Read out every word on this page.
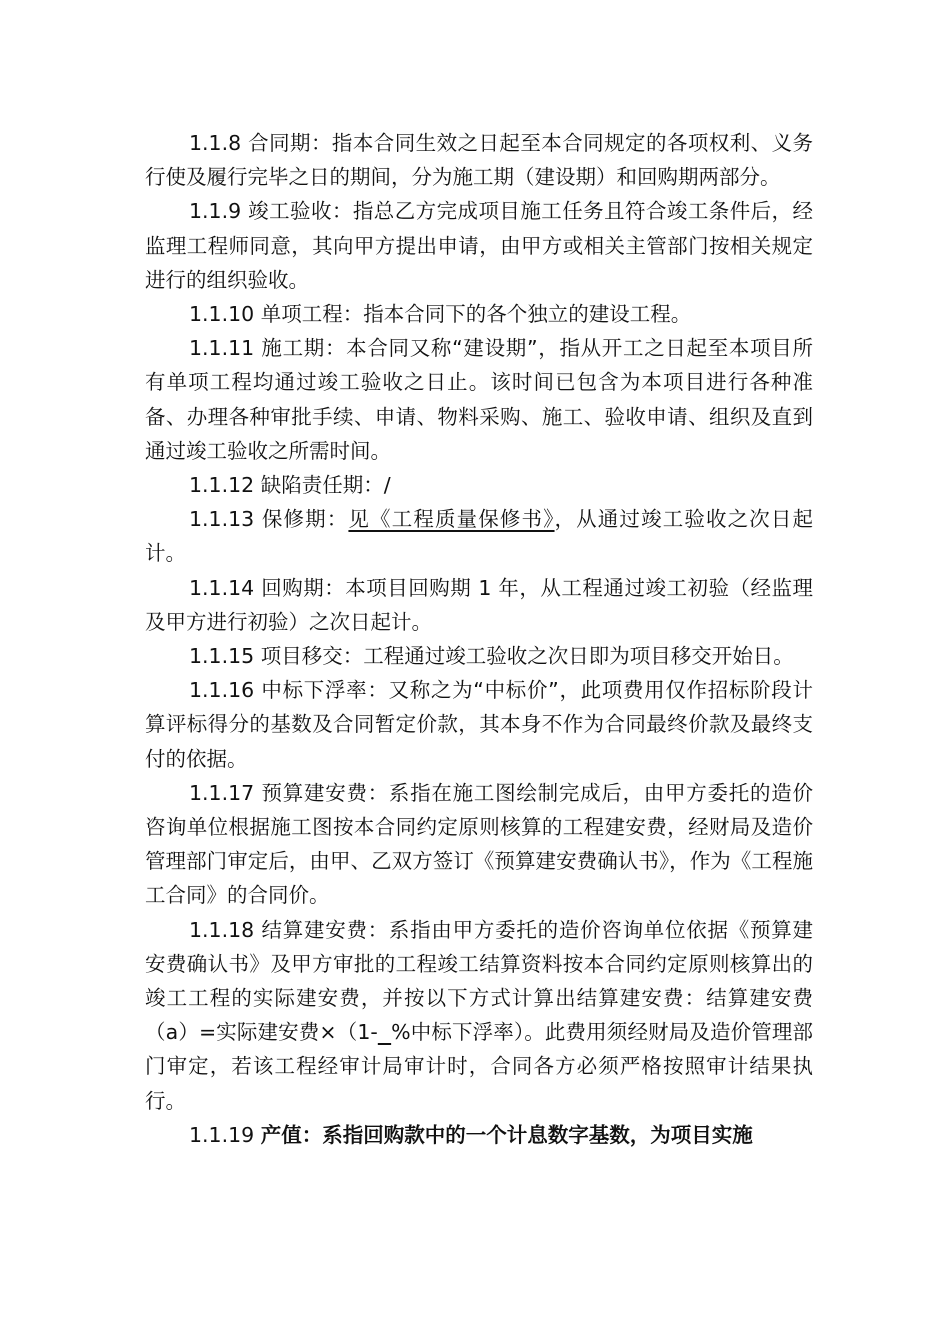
1.1.8 合同期：指本合同生效之日起至本合同规定的各项权利、义务行使及履行完毕之日的期间，分为施工期（建设期）和回购期两部分。

1.1.9 竣工验收：指总乙方完成项目施工任务且符合竣工条件后，经监理工程师同意，其向甲方提出申请，由甲方或相关主管部门按相关规定进行的组织验收。

1.1.10 单项工程：指本合同下的各个独立的建设工程。

1.1.11 施工期：本合同又称“建设期”，指从开工之日起至本项目所有单项工程均通过竣工验收之日止。该时间已包含为本项目进行各种准备、办理各种审批手续、申请、物料采购、施工、验收申请、组织及直到通过竣工验收之所需时间。

1.1.12 缺陷责任期：/

1.1.13 保修期：见《工程质量保修书》，从通过竣工验收之次日起计。

1.1.14 回购期：本项目回购期 1 年，从工程通过竣工初验（经监理及甲方进行初验）之次日起计。

1.1.15 项目移交：工程通过竣工验收之次日即为项目移交开始日。

1.1.16 中标下浮率：又称之为“中标价”，此项费用仅作招标阶段计算评标得分的基数及合同暂定价款，其本身不作为合同最终价款及最终支付的依据。

1.1.17 预算建安费：系指在施工图绘制完成后，由甲方委托的造价咨询单位根据施工图按本合同约定原则核算的工程建安费，经财局及造价管理部门审定后，由甲、乙双方签订《预算建安费确认书》，作为《工程施工合同》的合同价。

1.1.18 结算建安费：系指由甲方委托的造价咨询单位依据《预算建安费确认书》及甲方审批的工程竣工结算资料按本合同约定原则核算出的竣工工程的实际建安费，并按以下方式计算出结算建安费：结算建安费（a）=实际建安费×（1- %中标下浮率）。此费用须经财局及造价管理部门审定，若该工程经审计局审计时，合同各方必须严格按照审计结果执行。

1.1.19 产值：系指回购款中的一个计息数字基数，为项目实施
